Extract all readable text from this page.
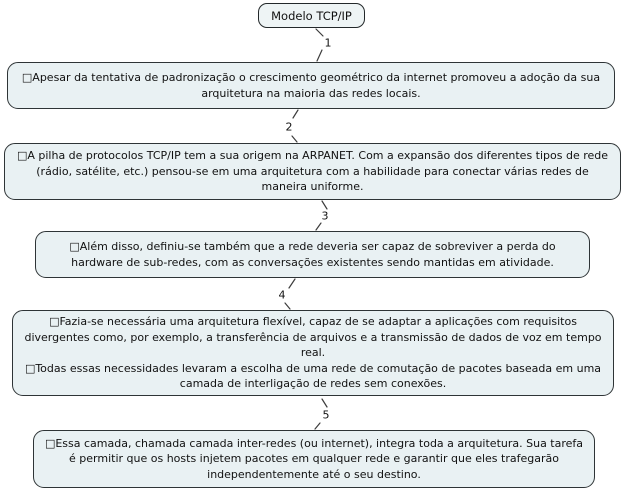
Modelo TCP/IP
1
2
3
4
5

□Apesar da tentativa de padronização o crescimento geométrico da internet promoveu a adoção da sua arquitetura na maioria das redes locais.

□A pilha de protocolos TCP/IP tem a sua origem na ARPANET. Com a expansão dos diferentes tipos de rede (rádio, satélite, etc.) pensou-se em uma arquitetura com a habilidade para conectar várias redes de maneira uniforme.

□Além disso, definiu-se também que a rede deveria ser capaz de sobreviver a perda do hardware de sub-redes, com as conversações existentes sendo mantidas em atividade.

□Fazia-se necessária uma arquitetura flexível, capaz de se adaptar a aplicações com requisitos divergentes como, por exemplo, a transferência de arquivos e a transmissão de dados de voz em tempo real.

□Todas essas necessidades levaram a escolha de uma rede de comutação de pacotes baseada em uma camada de interligação de redes sem conexões.

□Essa camada, chamada camada inter-redes (ou internet), integra toda a arquitetura. Sua tarefa é permitir que os hosts injetem pacotes em qualquer rede e garantir que eles trafegarão independentemente até o seu destino.
